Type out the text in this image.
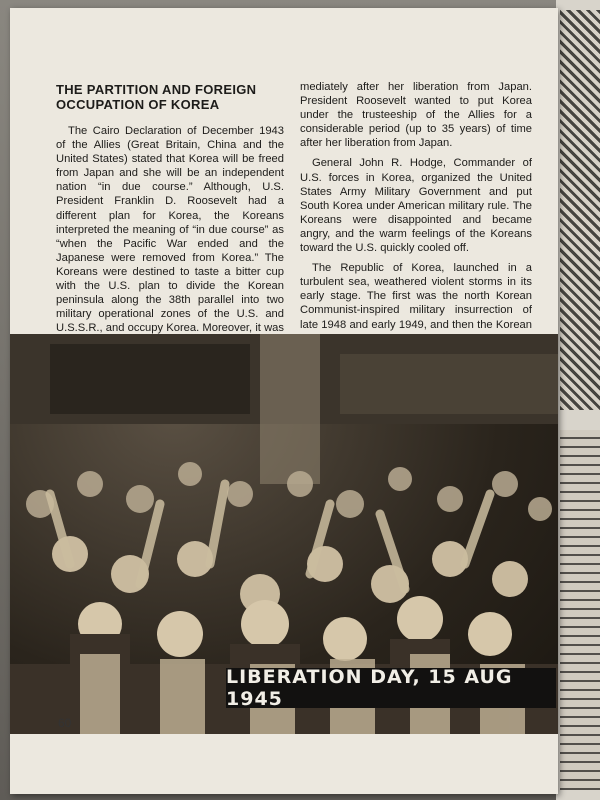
THE PARTITION AND FOREIGN OCCUPATION OF KOREA

The Cairo Declaration of December 1943 of the Allies (Great Britain, China and the United States) stated that Korea will be freed from Japan and she will be an independent nation “in due course.” Although, U.S. President Franklin D. Roosevelt had a different plan for Korea, the Koreans interpreted the meaning of “in due course” as “when the Pacific War ended and the Japanese were removed from Korea.” The Koreans were destined to taste a bitter cup with the U.S. plan to divide the Korean peninsula along the 38th parallel into two military operational zones of the U.S. and U.S.S.R., and occupy Korea. Moreover, it was

mediately after her liberation from Japan. President Roosevelt wanted to put Korea under the trusteeship of the Allies for a considerable period (up to 35 years) of time after her liberation from Japan.

General John R. Hodge, Commander of U.S. forces in Korea, organized the United States Army Military Government and put South Korea under American military rule. The Koreans were disappointed and became angry, and the warm feelings of the Koreans toward the U.S. quickly cooled off.

The Republic of Korea, launched in a turbulent sea, weathered violent storms in its early stage. The first was the north Korean Communist-inspired military insurrection of late 1948 and early 1949, and then the Korean

LIBERATION DAY, 15 AUG 1945
60
